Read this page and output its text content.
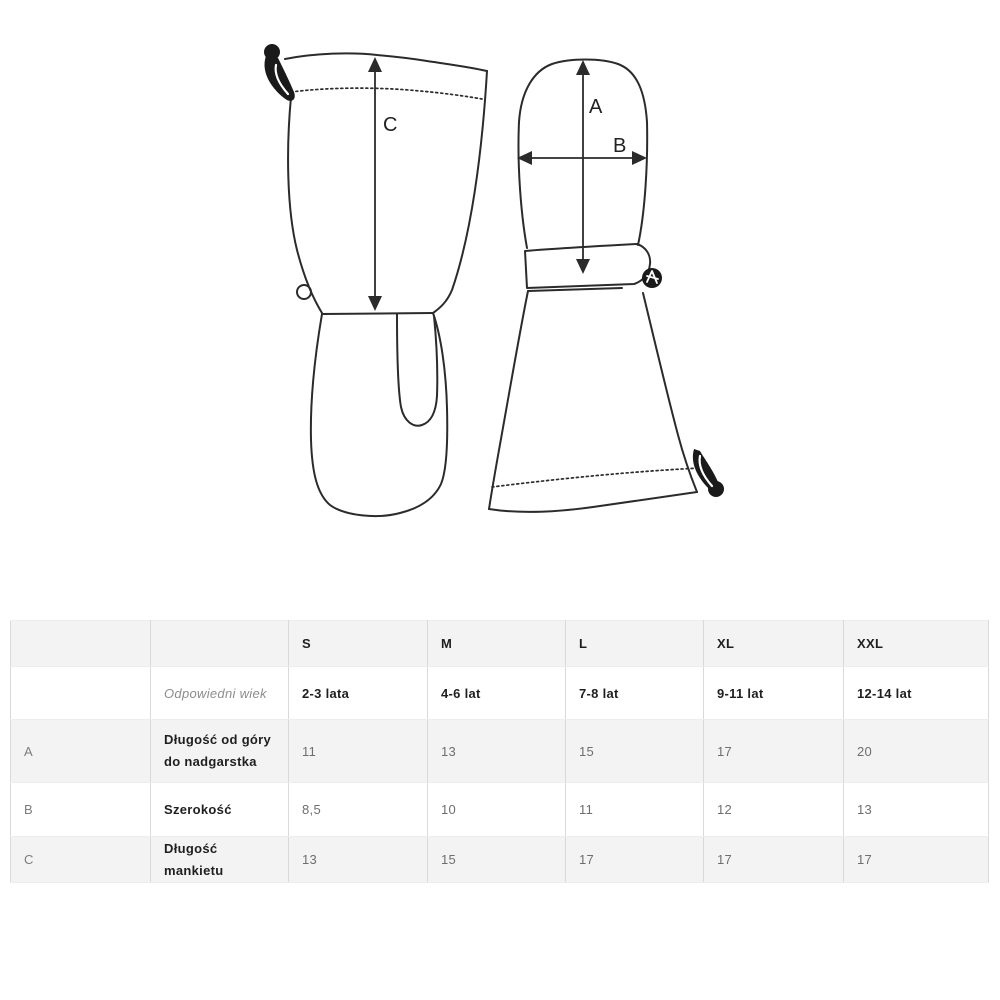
C
A
B
		S	M	L	XL	XXL
	Odpowiedni wiek	2-3 lata	4-6 lat	7-8 lat	9-11 lat	12-14 lat
A	Długość od góry do nadgarstka	11	13	15	17	20
B	Szerokość	8,5	10	11	12	13
C	Długość mankietu	13	15	17	17	17
